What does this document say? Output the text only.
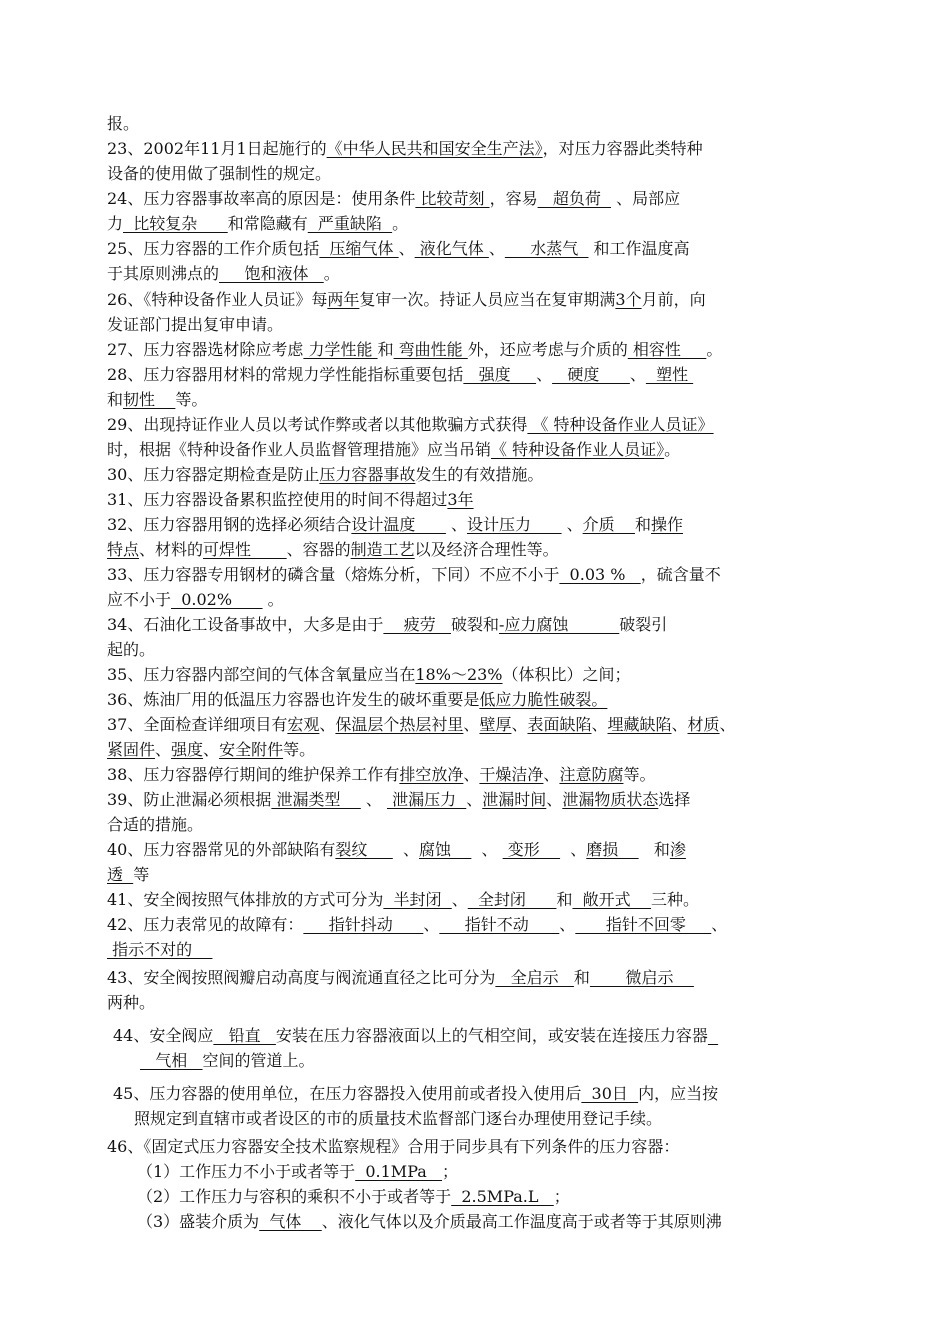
报。
23、2002年11月1日起施行的《中华人民共和国安全生产法》，对压力容器此类特种
设备的使用做了强制性的规定。
24、压力容器事故率高的原因是：使用条件 比较苛刻 ，容易   超负荷   、局部应
力  比较复杂      和常隐藏有  严重缺陷  。
25、压力容器的工作介质包括  压缩气体 、 液化气体 、     水蒸气   和工作温度高
于其原则沸点的     饱和液体   。
26、《特种设备作业人员证》每两年复审一次。持证人员应当在复审期满3个月前，向
发证部门提出复审申请。
27、压力容器选材除应考虑 力学性能 和 弯曲性能 外，还应考虑与介质的 相容性     。
28、压力容器用材料的常规力学性能指标重要包括   强度     、   硬度      、  塑性
和韧性    等。
29、出现持证作业人员以考试作弊或者以其他欺骗方式获得 《 特种设备作业人员证》
时，根据《特种设备作业人员监督管理措施》应当吊销《 特种设备作业人员证》。
30、压力容器定期检查是防止压力容器事故发生的有效措施。
31、压力容器设备累积监控使用的时间不得超过3年
32、压力容器用钢的选择必须结合设计温度       、设计压力       、介质    和操作
特点、材料的可焊性       、容器的制造工艺以及经济合理性等。
33、压力容器专用钢材的磷含量（熔炼分析，下同）不应不小于  0.03 %   ，硫含量不
应不小于  0.02%       。
34、石油化工设备事故中，大多是由于    疲劳   破裂和-应力腐蚀          破裂引
起的。
35、压力容器内部空间的气体含氧量应当在18%～23%（体积比）之间；
36、炼油厂用的低温压力容器也许发生的破坏重要是低应力脆性破裂。
37、全面检查详细项目有宏观、保温层个热层衬里、壁厚、表面缺陷、埋藏缺陷、材质、
紧固件、强度、安全附件等。
38、压力容器停行期间的维护保养工作有排空放净、干燥洁净、注意防腐等。
39、防止泄漏必须根据 泄漏类型     、  泄漏压力  、泄漏时间、泄漏物质状态选择
合适的措施。
40、压力容器常见的外部缺陷有裂纹       、腐蚀      、  变形      、磨损       和渗
透  等
41、安全阀按照气体排放的方式可分为  半封闭  、  全封闭      和  敞开式    三种。
42、压力表常见的故障有：     指针抖动      、     指针不动      、      指针不回零     、
指示不对的
43、安全阀按照阀瓣启动高度与阀流通直径之比可分为   全启示   和       微启示
两种。
44、安全阀应   铅直   安装在压力容器液面以上的气相空间，或安装在连接压力容器
气相   空间的管道上。
45、压力容器的使用单位，在压力容器投入使用前或者投入使用后  30日  内，应当按
照规定到直辖市或者设区的市的质量技术监督部门逐台办理使用登记手续。
46、《固定式压力容器安全技术监察规程》合用于同步具有下列条件的压力容器：
（1）工作压力不小于或者等于  0.1MPa   ；
（2）工作压力与容积的乘积不小于或者等于  2.5MPa.L   ；
（3）盛装介质为  气体    、液化气体以及介质最高工作温度高于或者等于其原则沸
